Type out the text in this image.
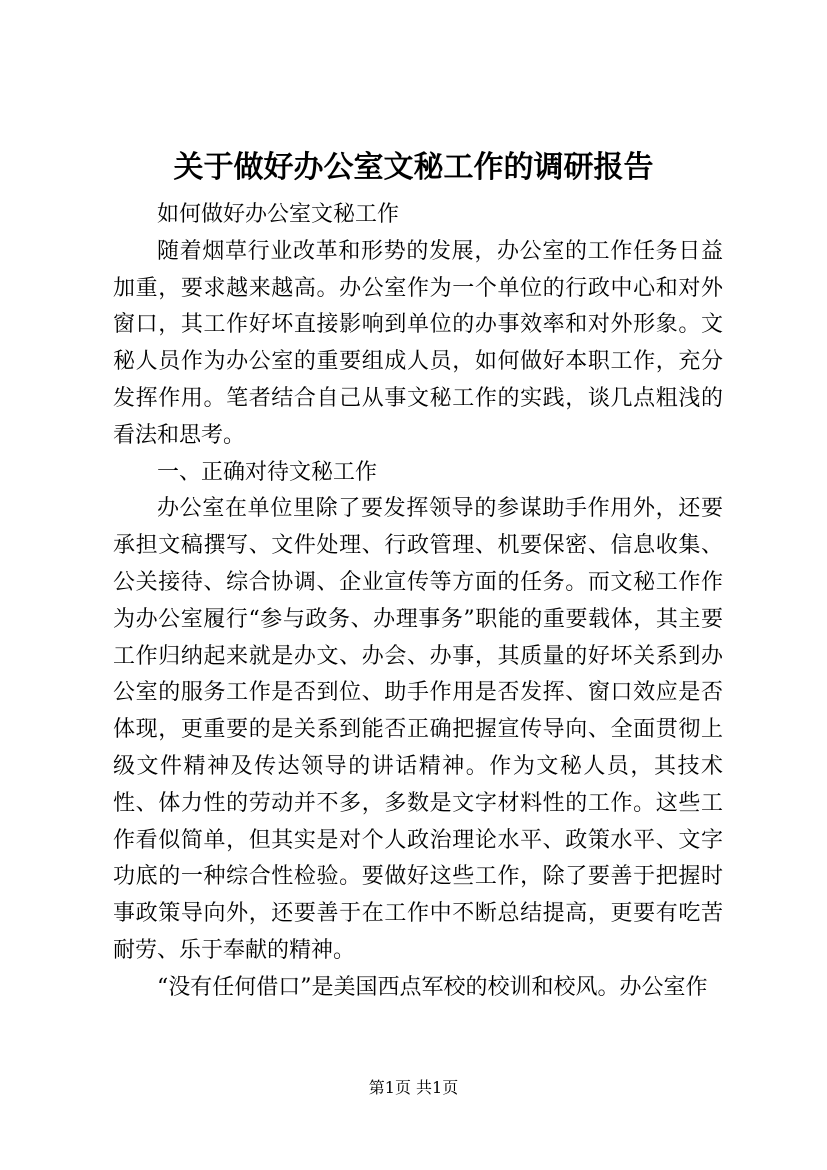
关于做好办公室文秘工作的调研报告

如何做好办公室文秘工作

随着烟草行业改革和形势的发展，办公室的工作任务日益加重，要求越来越高。办公室作为一个单位的行政中心和对外窗口，其工作好坏直接影响到单位的办事效率和对外形象。文秘人员作为办公室的重要组成人员，如何做好本职工作，充分发挥作用。笔者结合自己从事文秘工作的实践，谈几点粗浅的看法和思考。

一、正确对待文秘工作

办公室在单位里除了要发挥领导的参谋助手作用外，还要承担文稿撰写、文件处理、行政管理、机要保密、信息收集、公关接待、综合协调、企业宣传等方面的任务。而文秘工作作为办公室履行“参与政务、办理事务”职能的重要载体，其主要工作归纳起来就是办文、办会、办事，其质量的好坏关系到办公室的服务工作是否到位、助手作用是否发挥、窗口效应是否体现，更重要的是关系到能否正确把握宣传导向、全面贯彻上级文件精神及传达领导的讲话精神。作为文秘人员，其技术性、体力性的劳动并不多，多数是文字材料性的工作。这些工作看似简单，但其实是对个人政治理论水平、政策水平、文字功底的一种综合性检验。要做好这些工作，除了要善于把握时事政策导向外，还要善于在工作中不断总结提高，更要有吃苦耐劳、乐于奉献的精神。

“没有任何借口”是美国西点军校的校训和校风。办公室作

第1页 共1页
